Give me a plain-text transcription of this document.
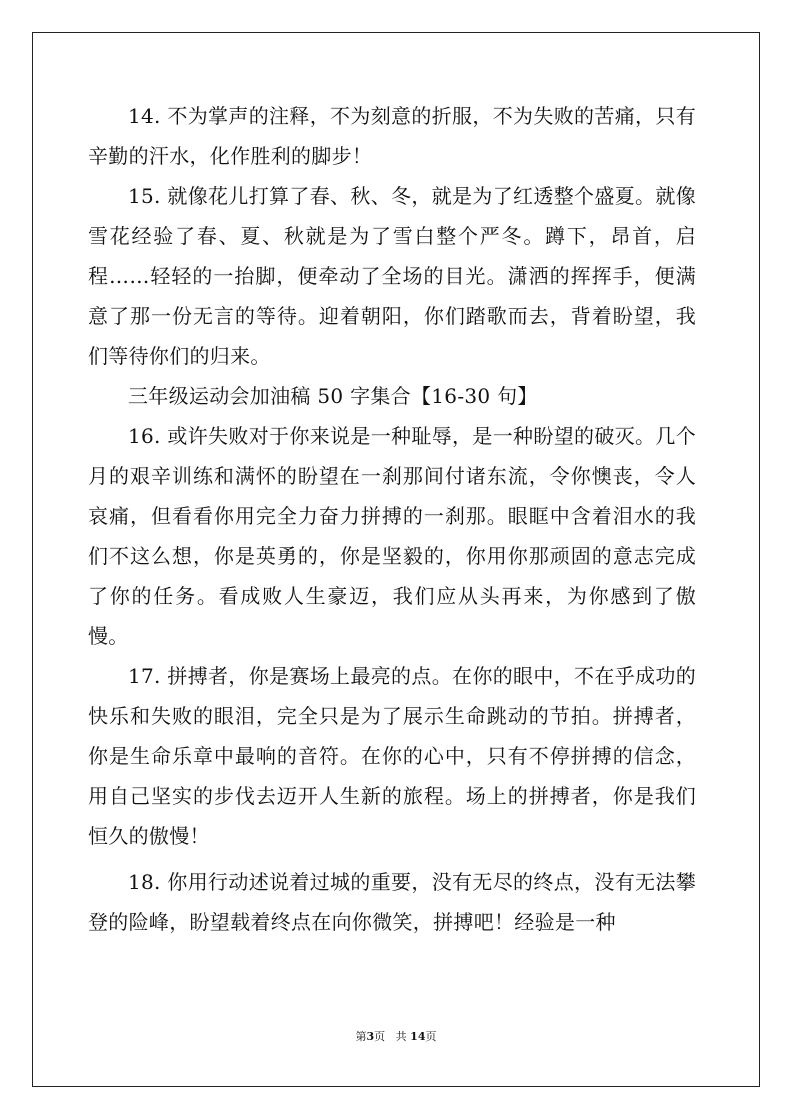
14. 不为掌声的注释，不为刻意的折服，不为失败的苦痛，只有辛勤的汗水，化作胜利的脚步！

15. 就像花儿打算了春、秋、冬，就是为了红透整个盛夏。就像雪花经验了春、夏、秋就是为了雪白整个严冬。蹲下，昂首，启程……轻轻的一抬脚，便牵动了全场的目光。潇洒的挥挥手，便满意了那一份无言的等待。迎着朝阳，你们踏歌而去，背着盼望，我们等待你们的归来。

三年级运动会加油稿 50 字集合【16-30 句】

16. 或许失败对于你来说是一种耻辱，是一种盼望的破灭。几个月的艰辛训练和满怀的盼望在一刹那间付诸东流，令你懊丧，令人哀痛，但看看你用完全力奋力拼搏的一刹那。眼眶中含着泪水的我们不这么想，你是英勇的，你是坚毅的，你用你那顽固的意志完成了你的任务。看成败人生豪迈，我们应从头再来，为你感到了傲慢。

17. 拼搏者，你是赛场上最亮的点。在你的眼中，不在乎成功的快乐和失败的眼泪，完全只是为了展示生命跳动的节拍。拼搏者，你是生命乐章中最响的音符。在你的心中，只有不停拼搏的信念，用自己坚实的步伐去迈开人生新的旅程。场上的拼搏者，你是我们恒久的傲慢！

18. 你用行动述说着过城的重要，没有无尽的终点，没有无法攀登的险峰，盼望载着终点在向你微笑，拼搏吧！经验是一种

第3页 共 14页
